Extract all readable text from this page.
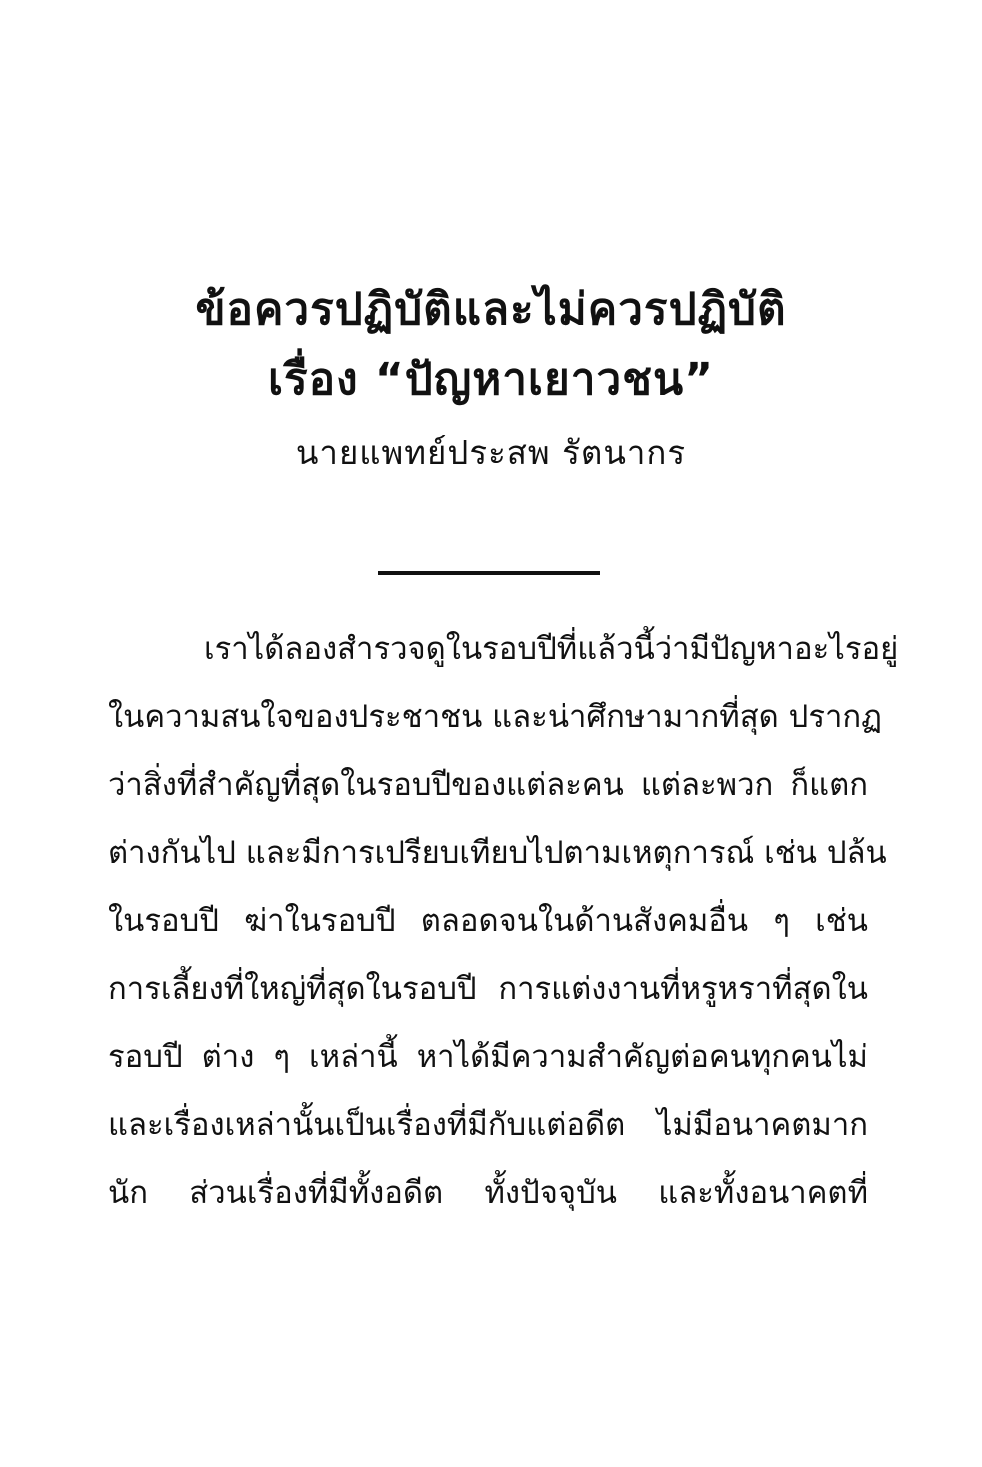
ข้อควรปฏิบัติและไม่ควรปฏิบัติ
เรื่อง “ปัญหาเยาวชน”
นายแพทย์ประสพ รัตนากร
เราได้ลองสำรวจดูในรอบปีที่แล้วนี้ว่ามีปัญหาอะไรอยู่
ในความสนใจของประชาชน และน่าศึกษามากที่สุด ปรากฏ
ว่าสิ่งที่สำคัญที่สุดในรอบปีของแต่ละคน แต่ละพวก ก็แตก
ต่างกันไป และมีการเปรียบเทียบไปตามเหตุการณ์ เช่น ปล้น
ในรอบปี ฆ่าในรอบปี ตลอดจนในด้านสังคมอื่น ๆ เช่น
การเลี้ยงที่ใหญ่ที่สุดในรอบปี การแต่งงานที่หรูหราที่สุดใน
รอบปี ต่าง ๆ เหล่านี้ หาได้มีความสำคัญต่อคนทุกคนไม่
และเรื่องเหล่านั้นเป็นเรื่องที่มีกับแต่อดีต ไม่มีอนาคตมาก
นัก ส่วนเรื่องที่มีทั้งอดีต ทั้งปัจจุบัน และทั้งอนาคตที่
